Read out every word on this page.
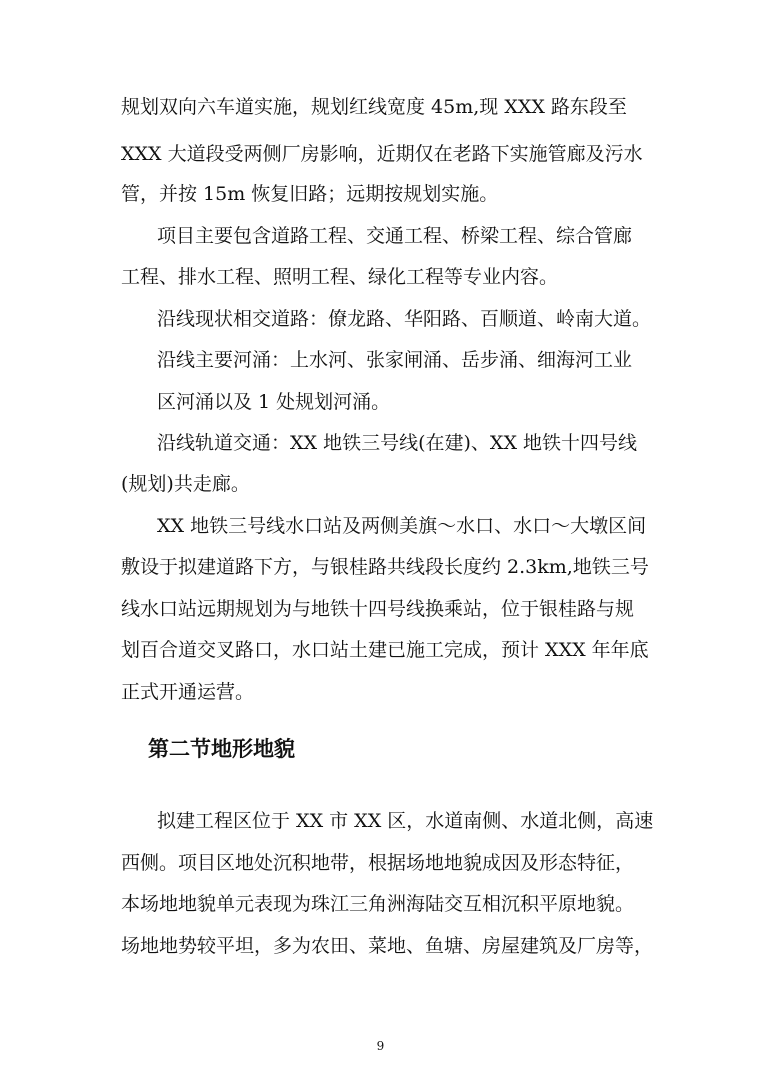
规划双向六车道实施，规划红线宽度 45m,现 XXX 路东段至
XXX 大道段受两侧厂房影响，近期仅在老路下实施管廊及污水
管，并按 15m 恢复旧路；远期按规划实施。
项目主要包含道路工程、交通工程、桥梁工程、综合管廊
工程、排水工程、照明工程、绿化工程等专业内容。
沿线现状相交道路：僚龙路、华阳路、百顺道、岭南大道。
沿线主要河涌：上水河、张家闸涌、岳步涌、细海河工业
区河涌以及 1 处规划河涌。
沿线轨道交通：XX 地铁三号线(在建)、XX 地铁十四号线
(规划)共走廊。
XX 地铁三号线水口站及两侧美旗～水口、水口～大墩区间
敷设于拟建道路下方，与银桂路共线段长度约 2.3km,地铁三号
线水口站远期规划为与地铁十四号线换乘站，位于银桂路与规
划百合道交叉路口，水口站土建已施工完成，预计 XXX 年年底
正式开通运营。
第二节地形地貌
拟建工程区位于 XX 市 XX 区，水道南侧、水道北侧，高速
西侧。项目区地处沉积地带，根据场地地貌成因及形态特征，
本场地地貌单元表现为珠江三角洲海陆交互相沉积平原地貌。
场地地势较平坦，多为农田、菜地、鱼塘、房屋建筑及厂房等，
9
